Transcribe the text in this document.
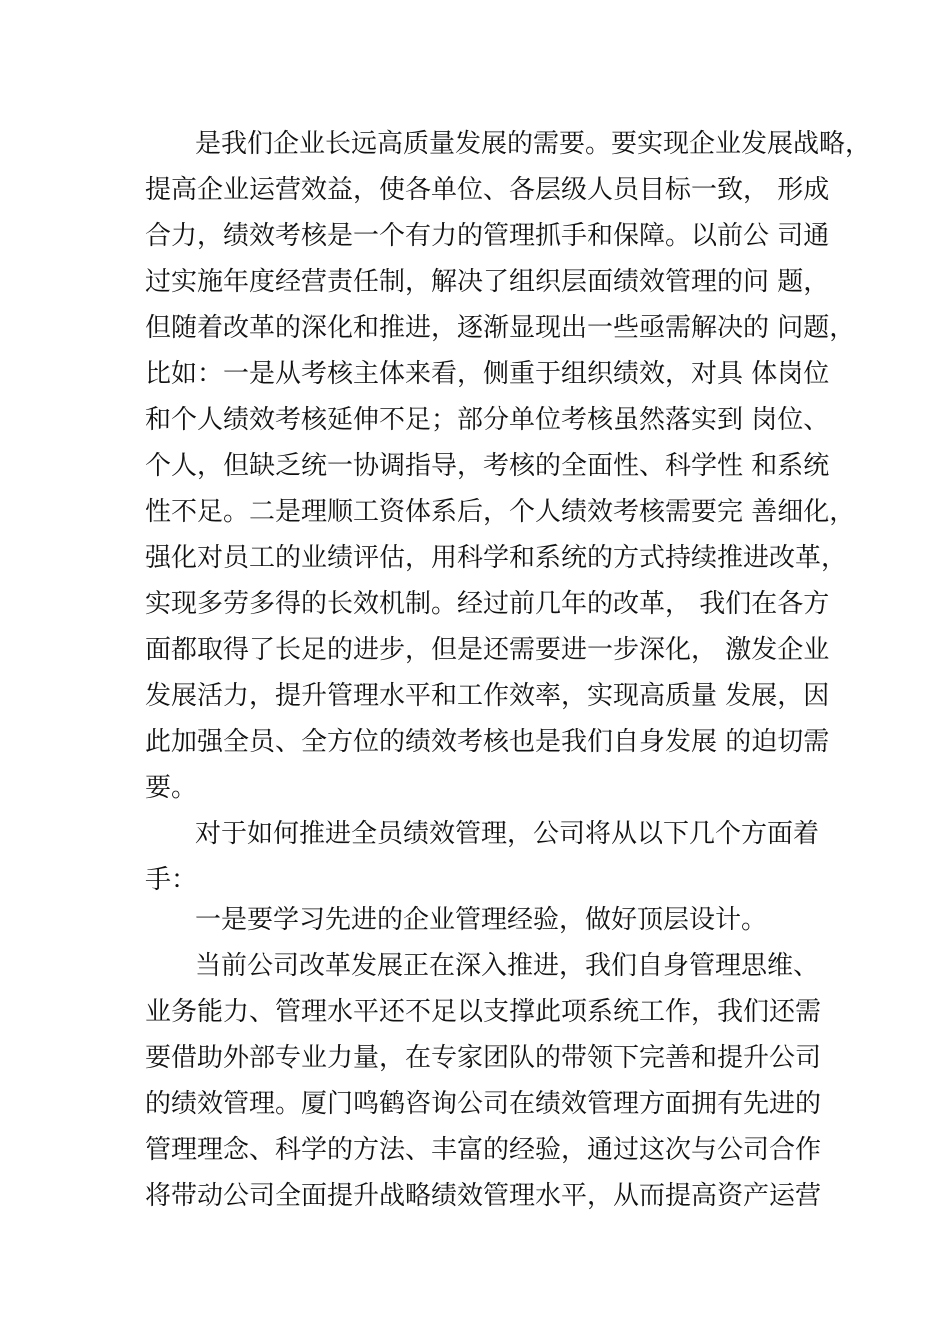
是我们企业长远高质量发展的需要。要实现企业发展战略，

提高企业运营效益，使各单位、各层级人员目标一致， 形成

合力，绩效考核是一个有力的管理抓手和保障。以前公 司通

过实施年度经营责任制，解决了组织层面绩效管理的问 题，

但随着改革的深化和推进，逐渐显现出一些亟需解决的 问题，

比如：一是从考核主体来看，侧重于组织绩效，对具 体岗位

和个人绩效考核延伸不足；部分单位考核虽然落实到 岗位、

个人，但缺乏统一协调指导，考核的全面性、科学性 和系统

性不足。二是理顺工资体系后，个人绩效考核需要完 善细化，

强化对员工的业绩评估，用科学和系统的方式持续推进改革，

实现多劳多得的长效机制。经过前几年的改革， 我们在各方

面都取得了长足的进步，但是还需要进一步深化， 激发企业

发展活力，提升管理水平和工作效率，实现高质量 发展，因

此加强全员、全方位的绩效考核也是我们自身发展 的迫切需

要。

对于如何推进全员绩效管理，公司将从以下几个方面着

手：

一是要学习先进的企业管理经验，做好顶层设计。

当前公司改革发展正在深入推进，我们自身管理思维、

业务能力、管理水平还不足以支撑此项系统工作，我们还需

要借助外部专业力量，在专家团队的带领下完善和提升公司

的绩效管理。厦门鸣鹤咨询公司在绩效管理方面拥有先进的

管理理念、科学的方法、丰富的经验，通过这次与公司合作

将带动公司全面提升战略绩效管理水平，从而提高资产运营
